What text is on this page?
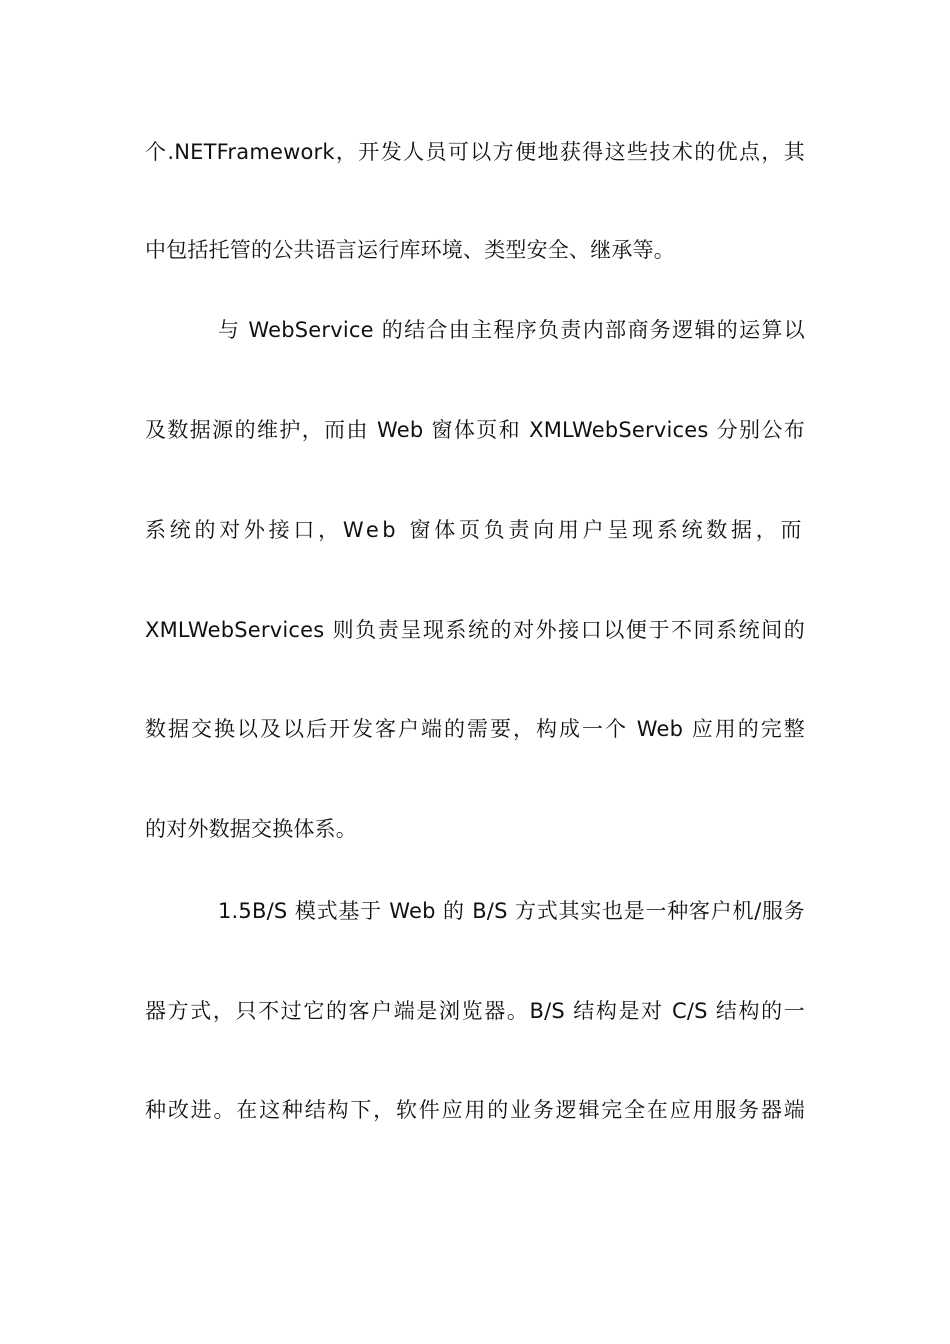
个.NETFramework，开发人员可以方便地获得这些技术的优点，其
中包括托管的公共语言运行库环境、类型安全、继承等。
与 WebService 的结合由主程序负责内部商务逻辑的运算以
及数据源的维护，而由 Web 窗体页和 XMLWebServices 分别公布
系统的对外接口，Web 窗体页负责向用户呈现系统数据，而
XMLWebServices 则负责呈现系统的对外接口以便于不同系统间的
数据交换以及以后开发客户端的需要，构成一个 Web 应用的完整
的对外数据交换体系。
1.5B/S 模式基于 Web 的 B/S 方式其实也是一种客户机/服务
器方式，只不过它的客户端是浏览器。B/S 结构是对 C/S 结构的一
种改进。在这种结构下，软件应用的业务逻辑完全在应用服务器端
